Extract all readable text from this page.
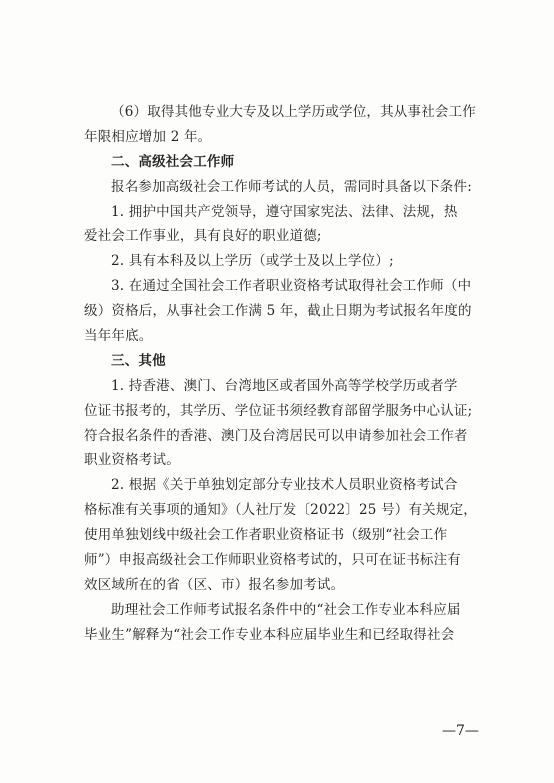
（6）取得其他专业大专及以上学历或学位，其从事社会工作
年限相应增加 2 年。
二、高级社会工作师
报名参加高级社会工作师考试的人员，需同时具备以下条件:
1. 拥护中国共产党领导，遵守国家宪法、法律、法规，热
爱社会工作事业，具有良好的职业道德;
2. 具有本科及以上学历（或学士及以上学位）;
3. 在通过全国社会工作者职业资格考试取得社会工作师（中
级）资格后，从事社会工作满 5 年，截止日期为考试报名年度的
当年年底。
三、其他
1. 持香港、澳门、台湾地区或者国外高等学校学历或者学
位证书报考的，其学历、学位证书须经教育部留学服务中心认证;
符合报名条件的香港、澳门及台湾居民可以申请参加社会工作者
职业资格考试。
2. 根据《关于单独划定部分专业技术人员职业资格考试合
格标准有关事项的通知》（人社厅发〔2022〕25 号）有关规定，
使用单独划线中级社会工作者职业资格证书（级别“社会工作
师”）申报高级社会工作师职业资格考试的，只可在证书标注有
效区域所在的省（区、市）报名参加考试。
助理社会工作师考试报名条件中的“社会工作专业本科应届
毕业生”解释为“社会工作专业本科应届毕业生和已经取得社会
—7—
